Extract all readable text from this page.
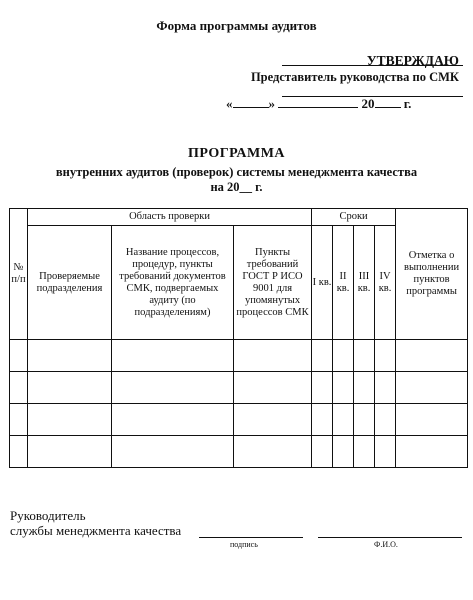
Форма программы аудитов
УТВЕРЖДАЮ
Представитель руководства по СМК
«	»	20 г.
ПРОГРАММА
внутренних аудитов (проверок) системы менеджмента качества
на 20__ г.
№ п/п	Область проверки			Сроки				Отметка о выполнении пунктов программы
	Проверяемые подразделения	Название процессов, процедур, пункты требований документов СМК, подвергаемых аудиту (по подразделениям)	Пункты требований ГОСТ Р ИСО 9001 для упомянутых процессов СМК	I кв.	II кв.	III кв.	IV кв.	

Руководитель
службы менеджмента качества
подпись	Ф.И.О.
